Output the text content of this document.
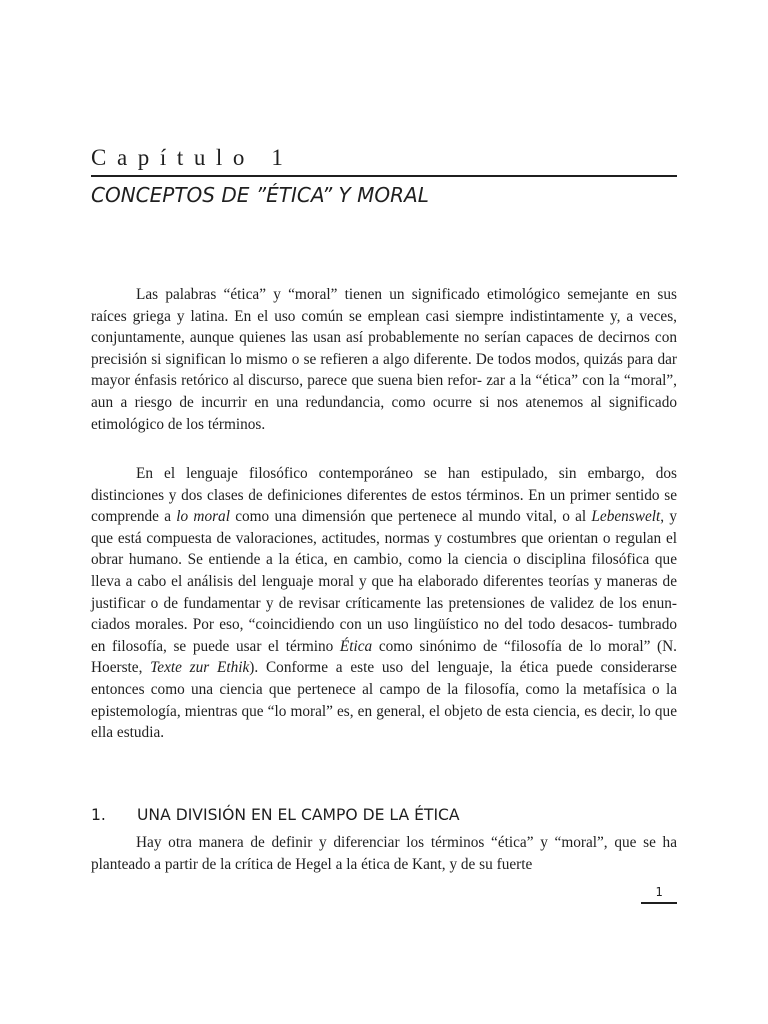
Capítulo 1
CONCEPTOS DE ”ÉTICA” Y MORAL

Las palabras “ética” y “moral” tienen un significado etimológico semejante en sus raíces griega y latina. En el uso común se emplean casi siempre indistintamente y, a veces, conjuntamente, aunque quienes las usan así probablemente no serían capaces de decirnos con precisión si significan lo mismo o se refieren a algo diferente. De todos modos, quizás para dar mayor énfasis retórico al discurso, parece que suena bien refor- zar a la “ética” con la “moral”, aun a riesgo de incurrir en una redundancia, como ocurre si nos atenemos al significado etimológico de los términos.

En el lenguaje filosófico contemporáneo se han estipulado, sin embargo, dos distinciones y dos clases de definiciones diferentes de estos términos. En un primer sentido se comprende a lo moral como una dimensión que pertenece al mundo vital, o al Lebenswelt, y que está compuesta de valoraciones, actitudes, normas y costumbres que orientan o regulan el obrar humano. Se entiende a la ética, en cambio, como la ciencia o disciplina filosófica que lleva a cabo el análisis del lenguaje moral y que ha elaborado diferentes teorías y maneras de justificar o de fundamentar y de revisar críticamente las pretensiones de validez de los enun- ciados morales. Por eso, “coincidiendo con un uso lingüístico no del todo desacos- tumbrado en filosofía, se puede usar el término Ética como sinónimo de “filosofía de lo moral” (N. Hoerste, Texte zur Ethik). Conforme a este uso del lenguaje, la ética puede considerarse entonces como una ciencia que pertenece al campo de la filosofía, como la metafísica o la epistemología, mientras que “lo moral” es, en general, el objeto de esta ciencia, es decir, lo que ella estudia.

1. UNA DIVISIÓN EN EL CAMPO DE LA ÉTICA

Hay otra manera de definir y diferenciar los términos “ética” y “moral”, que se ha planteado a partir de la crítica de Hegel a la ética de Kant, y de su fuerte

1
